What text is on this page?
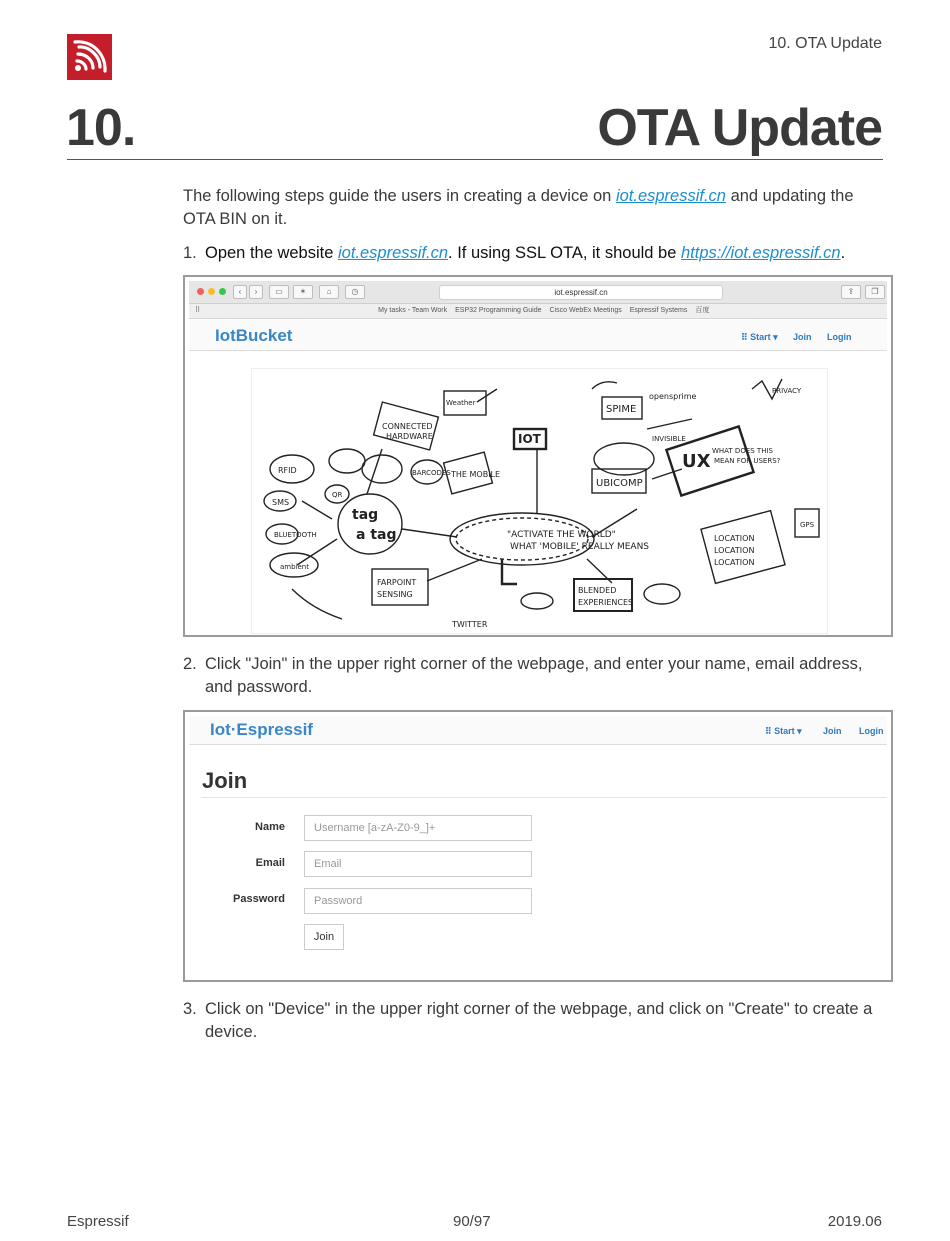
10. OTA Update
10.	OTA Update
The following steps guide the users in creating a device on iot.espressif.cn and updating the OTA BIN on it.
1. Open the website iot.espressif.cn. If using SSL OTA, it should be https://iot.espressif.cn.
‹	›	▭	✶	⌂	◷	iot.espressif.cn	⇪	❐
⠿	My tasks - Team Work ESP32 Programming Guide Cisco WebEx Meetings Espressif Systems 百度
IotBucket	⠿ Start ▾ Join Login
"ACTIVATE THE WORLD"
WHAT 'MOBILE' REALLY MEANS
IOT
SPIME
opensprime
UBICOMP
THE MOBILE
CONNECTED
HARDWARE
UX WHAT DOES THIS
MEAN FOR USERS?
LOCATION
LOCATION
LOCATION
RFID
SMS
BLUETOOTH
ambient
BARCODES
QR
tag
a tag
FARPOINT
SENSING	BLENDED
EXPERIENCES
TWITTER
PRIVACY
INVISIBLE
Weather
GPS
2. Click "Join" in the upper right corner of the webpage, and enter your name, email address, and password.
Iot·Espressif	⠿ Start ▾ Join Login
Join
Name	Username [a-zA-Z0-9_]+
Email	Email
Password	Password
Join
3. Click on "Device" in the upper right corner of the webpage, and click on "Create" to create a device.
Espressif	90/97	2019.06
